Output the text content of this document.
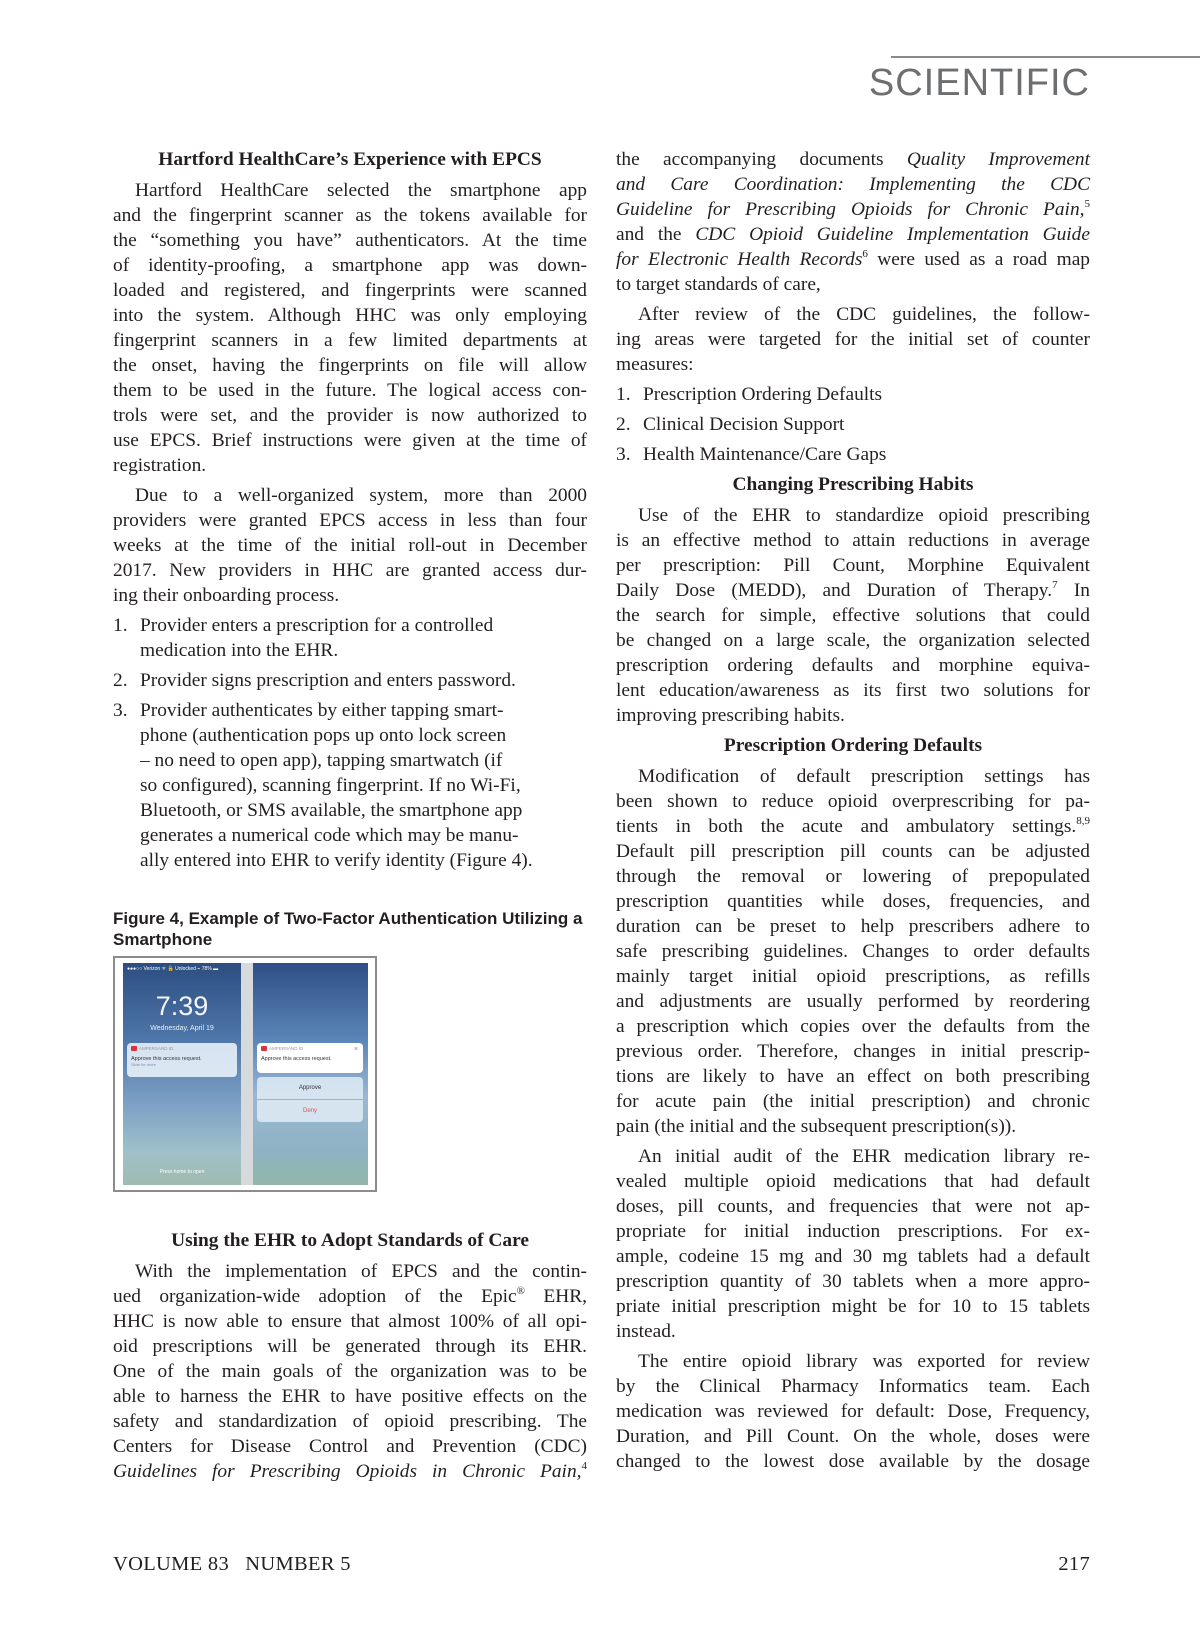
SCIENTIFIC
Hartford HealthCare’s Experience with EPCS
Hartford HealthCare selected the smartphone app
and the fingerprint scanner as the tokens available for
the “something you have” authenticators. At the time
of identity-proofing, a smartphone app was down-
loaded and registered, and fingerprints were scanned
into the system. Although HHC was only employing
fingerprint scanners in a few limited departments at
the onset, having the fingerprints on file will allow
them to be used in the future. The logical access con-
trols were set, and the provider is now authorized to
use EPCS. Brief instructions were given at the time of
registration.
Due to a well-organized system, more than 2000
providers were granted EPCS access in less than four
weeks at the time of the initial roll-out in December
2017. New providers in HHC are granted access dur-
ing their onboarding process.
1. Provider enters a prescription for a controlled
medication into the EHR.
2. Provider signs prescription and enters password.
3. Provider authenticates by either tapping smart-
phone (authentication pops up onto lock screen
– no need to open app), tapping smartwatch (if
so configured), scanning fingerprint. If no Wi-Fi,
Bluetooth, or SMS available, the smartphone app
generates a numerical code which may be manu-
ally entered into EHR to verify identity (Figure 4).
Figure 4, Example of Two-Factor Authentication Utilizing a Smartphone
●●●○○ Verizon ᯤ 🔓 Unlocked ⌁ 78% ▬
7:39
Wednesday, April 19
AMPERSAND ID
Approve this access request.
Slide for more
Press home to open
AMPERSAND ID	×
Approve this access request.
Approve
Deny
Using the EHR to Adopt Standards of Care
With the implementation of EPCS and the contin-
ued organization-wide adoption of the Epic® EHR,
HHC is now able to ensure that almost 100% of all opi-
oid prescriptions will be generated through its EHR.
One of the main goals of the organization was to be
able to harness the EHR to have positive effects on the
safety and standardization of opioid prescribing. The
Centers for Disease Control and Prevention (CDC)
Guidelines for Prescribing Opioids in Chronic Pain,$^4$
the accompanying documents Quality Improvement
and Care Coordination: Implementing the CDC
Guideline for Prescribing Opioids for Chronic Pain,$^5$
and the CDC Opioid Guideline Implementation Guide
for Electronic Health Records$^6$ were used as a road map
to target standards of care,
After review of the CDC guidelines, the follow-
ing areas were targeted for the initial set of counter
measures:
1. Prescription Ordering Defaults
2. Clinical Decision Support
3. Health Maintenance/Care Gaps
Changing Prescribing Habits
Use of the EHR to standardize opioid prescribing
is an effective method to attain reductions in average
per prescription: Pill Count, Morphine Equivalent
Daily Dose (MEDD), and Duration of Therapy.$^7$ In
the search for simple, effective solutions that could
be changed on a large scale, the organization selected
prescription ordering defaults and morphine equiva-
lent education/awareness as its first two solutions for
improving prescribing habits.
Prescription Ordering Defaults
Modification of default prescription settings has
been shown to reduce opioid overprescribing for pa-
tients in both the acute and ambulatory settings.$^{8,9}$
Default pill prescription pill counts can be adjusted
through the removal or lowering of prepopulated
prescription quantities while doses, frequencies, and
duration can be preset to help prescribers adhere to
safe prescribing guidelines. Changes to order defaults
mainly target initial opioid prescriptions, as refills
and adjustments are usually performed by reordering
a prescription which copies over the defaults from the
previous order. Therefore, changes in initial prescrip-
tions are likely to have an effect on both prescribing
for acute pain (the initial prescription) and chronic
pain (the initial and the subsequent prescription(s)).
An initial audit of the EHR medication library re-
vealed multiple opioid medications that had default
doses, pill counts, and frequencies that were not ap-
propriate for initial induction prescriptions. For ex-
ample, codeine 15 mg and 30 mg tablets had a default
prescription quantity of 30 tablets when a more appro-
priate initial prescription might be for 10 to 15 tablets
instead.
The entire opioid library was exported for review
by the Clinical Pharmacy Informatics team. Each
medication was reviewed for default: Dose, Frequency,
Duration, and Pill Count. On the whole, doses were
changed to the lowest dose available by the dosage
VOLUME 83   NUMBER 5	217
